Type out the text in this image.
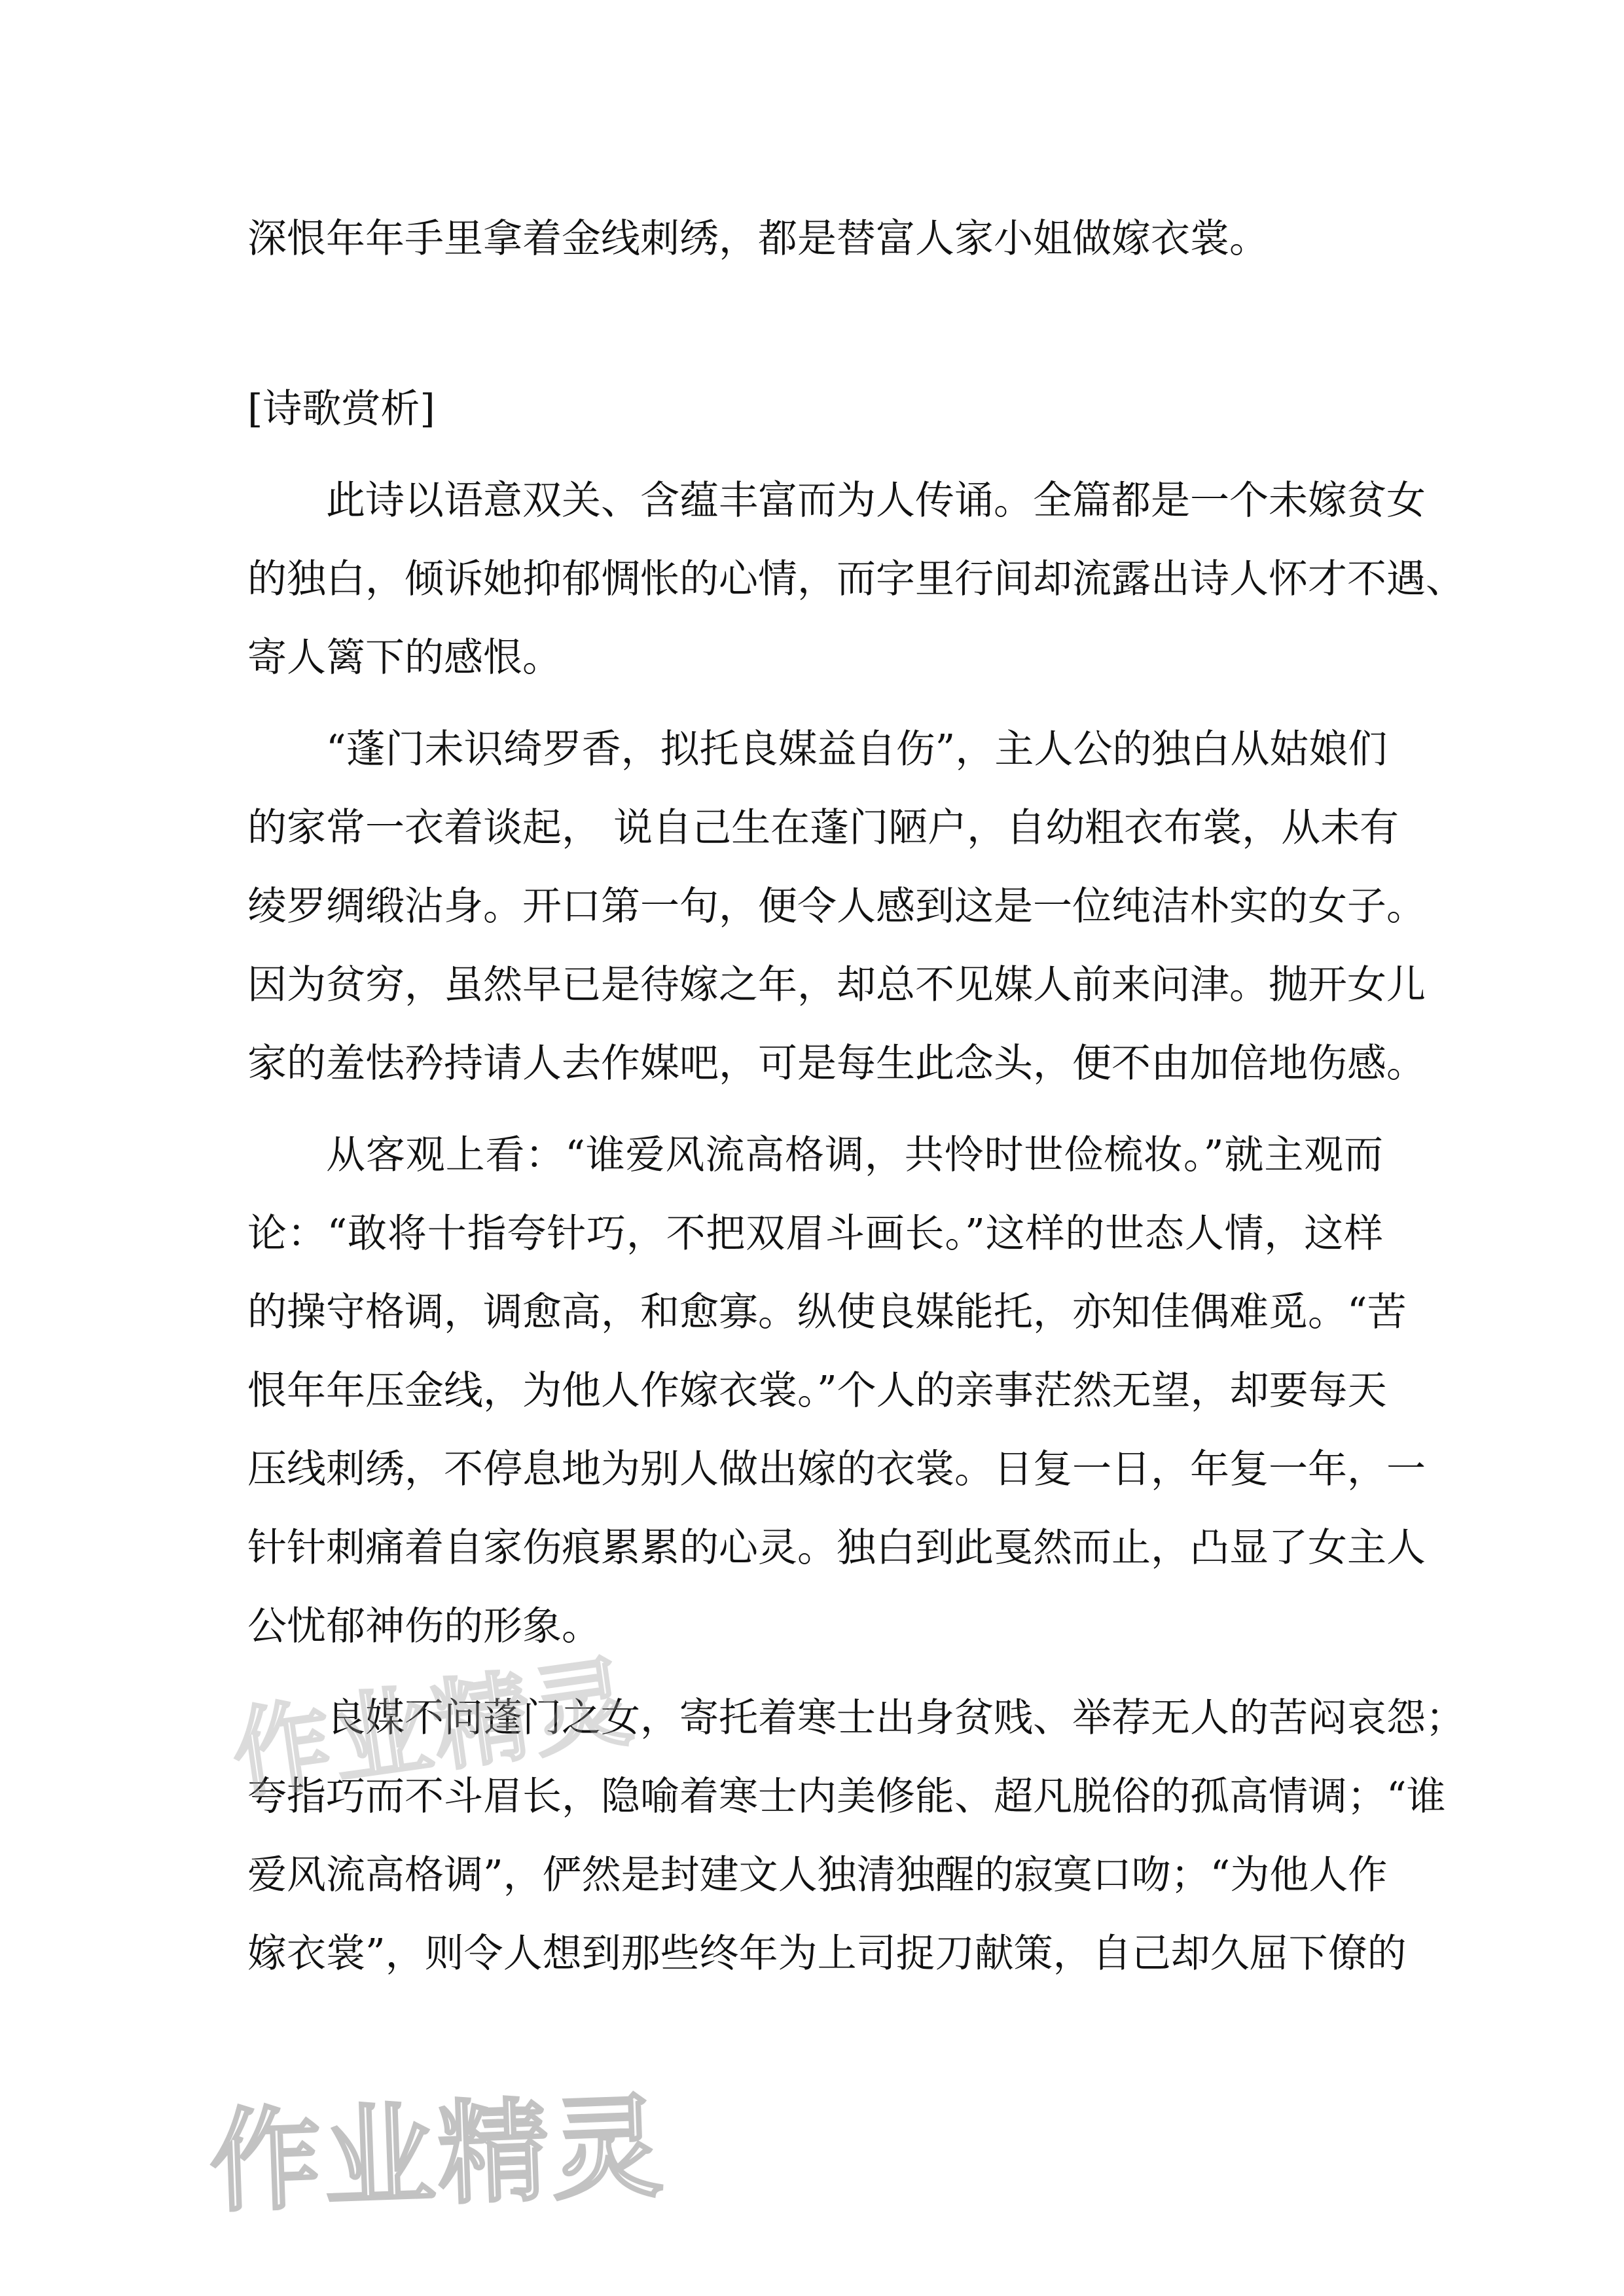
深恨年年手里拿着金线刺绣，都是替富人家小姐做嫁衣裳。
[诗歌赏析]
此诗以语意双关、含蕴丰富而为人传诵。全篇都是一个未嫁贫女
的独白，倾诉她抑郁惆怅的心情，而字里行间却流露出诗人怀才不遇、
寄人篱下的感恨。
“蓬门未识绮罗香，拟托良媒益自伤”，主人公的独白从姑娘们
的家常一衣着谈起， 说自己生在蓬门陋户，自幼粗衣布裳，从未有
绫罗绸缎沾身。开口第一句，便令人感到这是一位纯洁朴实的女子。
因为贫穷，虽然早已是待嫁之年，却总不见媒人前来问津。抛开女儿
家的羞怯矜持请人去作媒吧，可是每生此念头，便不由加倍地伤感。
从客观上看：“谁爱风流高格调，共怜时世俭梳妆。”就主观而
论：“敢将十指夸针巧，不把双眉斗画长。”这样的世态人情，这样
的操守格调，调愈高，和愈寡。纵使良媒能托，亦知佳偶难觅。“苦
恨年年压金线，为他人作嫁衣裳。”个人的亲事茫然无望，却要每天
压线刺绣，不停息地为别人做出嫁的衣裳。日复一日，年复一年，一
针针刺痛着自家伤痕累累的心灵。独白到此戛然而止，凸显了女主人
公忧郁神伤的形象。
良媒不问蓬门之女，寄托着寒士出身贫贱、举荐无人的苦闷哀怨；
夸指巧而不斗眉长，隐喻着寒士内美修能、超凡脱俗的孤高情调；“谁
爱风流高格调”，俨然是封建文人独清独醒的寂寞口吻；“为他人作
嫁衣裳”，则令人想到那些终年为上司捉刀献策，自己却久屈下僚的
作业精灵
作业精灵
